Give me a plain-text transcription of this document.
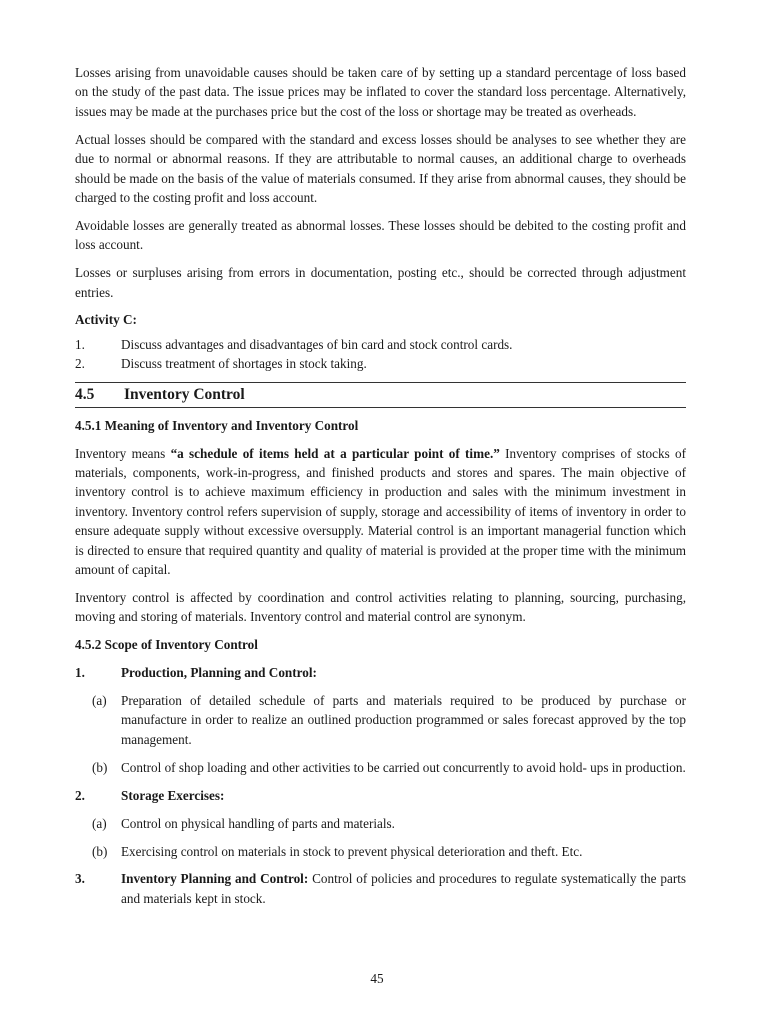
Losses arising from unavoidable causes should be taken care of by setting up a standard percentage of loss based on the study of the past data. The issue prices may be inflated to cover the standard loss percentage. Alternatively, issues may be made at the purchases price but the cost of the loss or shortage may be treated as overheads.

Actual losses should be compared with the standard and excess losses should be analyses to see whether they are due to normal or abnormal reasons. If they are attributable to normal causes, an additional charge to overheads should be made on the basis of the value of materials consumed. If they arise from abnormal causes, they should be charged to the costing profit and loss account.

Avoidable losses are generally treated as abnormal losses. These losses should be debited to the costing profit and loss account.

Losses or surpluses arising from errors in documentation, posting etc., should be corrected through adjustment entries.

Activity C:
1.	Discuss advantages and disadvantages of bin card and stock control cards.
2.	Discuss treatment of shortages in stock taking.
4.5	Inventory Control
4.5.1 Meaning of Inventory and Inventory Control

Inventory means “a schedule of items held at a particular point of time.” Inventory comprises of stocks of materials, components, work-in-progress, and finished products and stores and spares. The main objective of inventory control is to achieve maximum efficiency in production and sales with the minimum investment in inventory. Inventory control refers supervision of supply, storage and accessibility of items of inventory in order to ensure adequate supply without excessive oversupply. Material control is an important managerial function which is directed to ensure that required quantity and quality of material is provided at the proper time with the minimum amount of capital.

Inventory control is affected by coordination and control activities relating to planning, sourcing, purchasing, moving and storing of materials. Inventory control and material control are synonym.

4.5.2 Scope of Inventory Control
1.	Production, Planning and Control:
(a)	Preparation of detailed schedule of parts and materials required to be produced by purchase or manufacture in order to realize an outlined production programmed or sales forecast approved by the top management.
(b)	Control of shop loading and other activities to be carried out concurrently to avoid hold- ups in production.
2.	Storage Exercises:
(a)	Control on physical handling of parts and materials.
(b)	Exercising control on materials in stock to prevent physical deterioration and theft. Etc.
3.	Inventory Planning and Control: Control of policies and procedures to regulate systematically the parts and materials kept in stock.
45
